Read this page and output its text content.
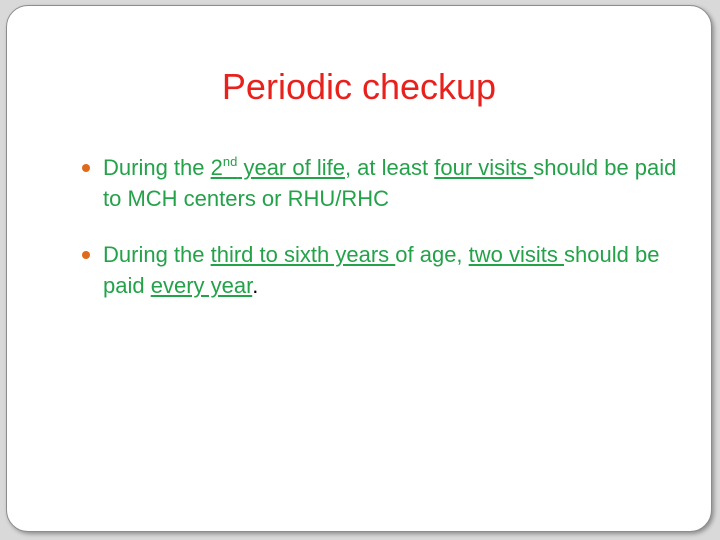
Periodic checkup
During the 2nd year of life, at least four visits should be paid to MCH centers or RHU/RHC
During the third to sixth years of age, two visits should be paid every year.
